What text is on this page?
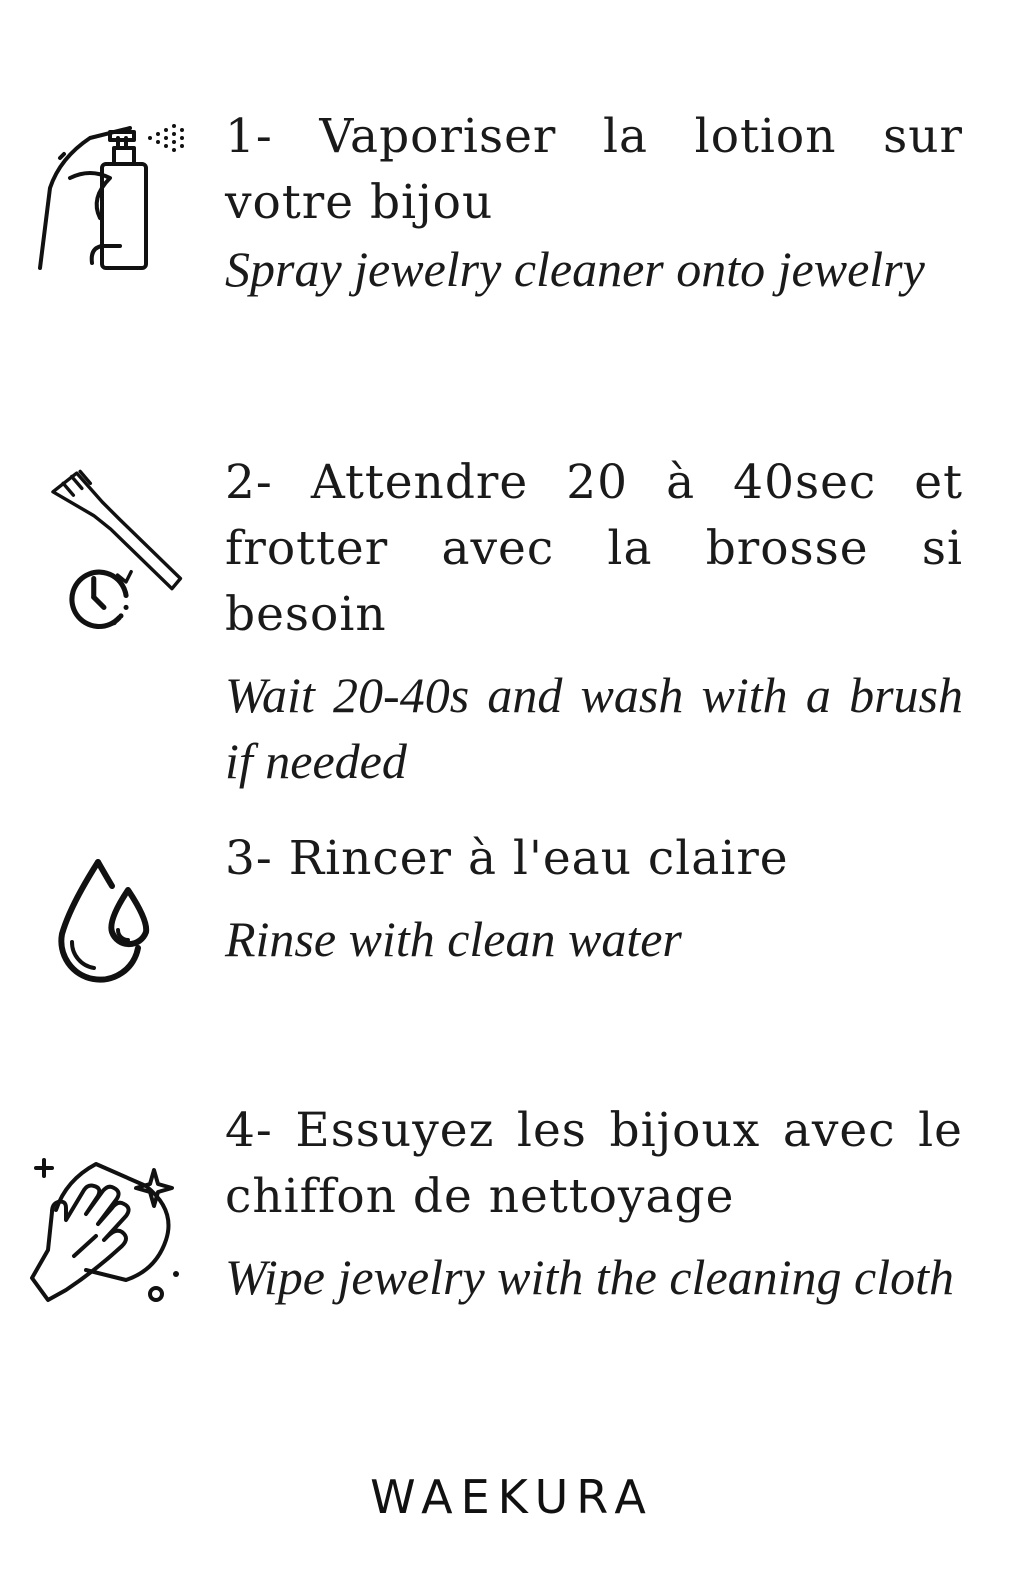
1- Vaporiser la lotion sur votre bijou

Spray jewelry cleaner onto jewelry

2- Attendre 20 à 40sec et frotter avec la brosse si besoin

Wait 20-40s and wash with a brush if needed

3- Rincer à l'eau claire

Rinse with clean water

4- Essuyez les bijoux avec le chiffon de nettoyage

Wipe jewelry with the cleaning cloth

WAEKURA
